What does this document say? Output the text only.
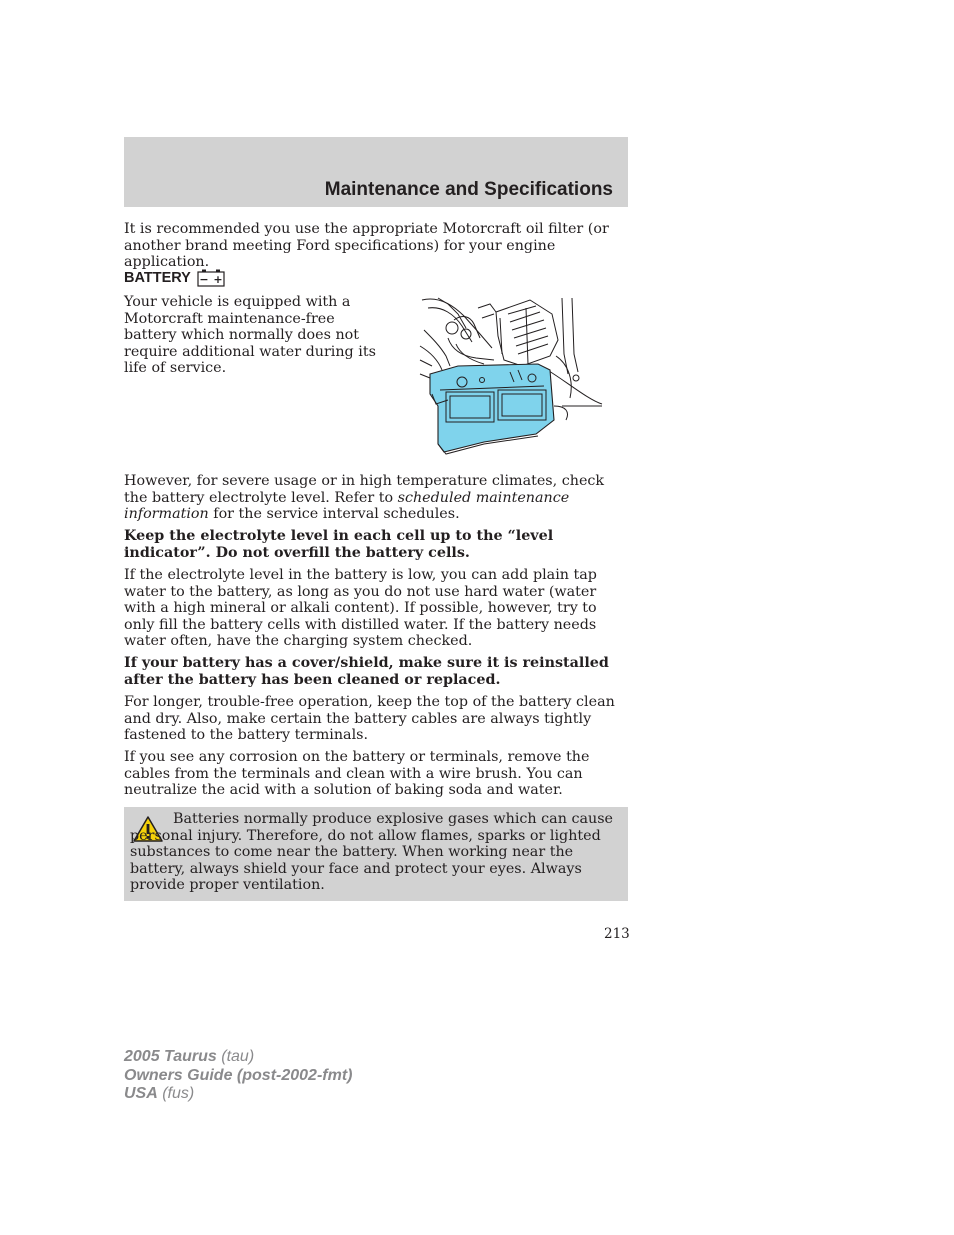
Maintenance and Specifications

It is recommended you use the appropriate Motorcraft oil filter (or another brand meeting Ford specifications) for your engine application.

BATTERY − +

Your vehicle is equipped with a Motorcraft maintenance-free battery which normally does not require additional water during its life of service.

However, for severe usage or in high temperature climates, check the battery electrolyte level. Refer to scheduled maintenance information for the service interval schedules.

Keep the electrolyte level in each cell up to the “level indicator”. Do not overfill the battery cells.

If the electrolyte level in the battery is low, you can add plain tap water to the battery, as long as you do not use hard water (water with a high mineral or alkali content). If possible, however, try to only fill the battery cells with distilled water. If the battery needs water often, have the charging system checked.

If your battery has a cover/shield, make sure it is reinstalled after the battery has been cleaned or replaced.

For longer, trouble-free operation, keep the top of the battery clean and dry. Also, make certain the battery cables are always tightly fastened to the battery terminals.

If you see any corrosion on the battery or terminals, remove the cables from the terminals and clean with a wire brush. You can neutralize the acid with a solution of baking soda and water.

Batteries normally produce explosive gases which can cause personal injury. Therefore, do not allow flames, sparks or lighted substances to come near the battery. When working near the battery, always shield your face and protect your eyes. Always provide proper ventilation.

213
2005 Taurus (tau)
Owners Guide (post-2002-fmt)
USA (fus)
